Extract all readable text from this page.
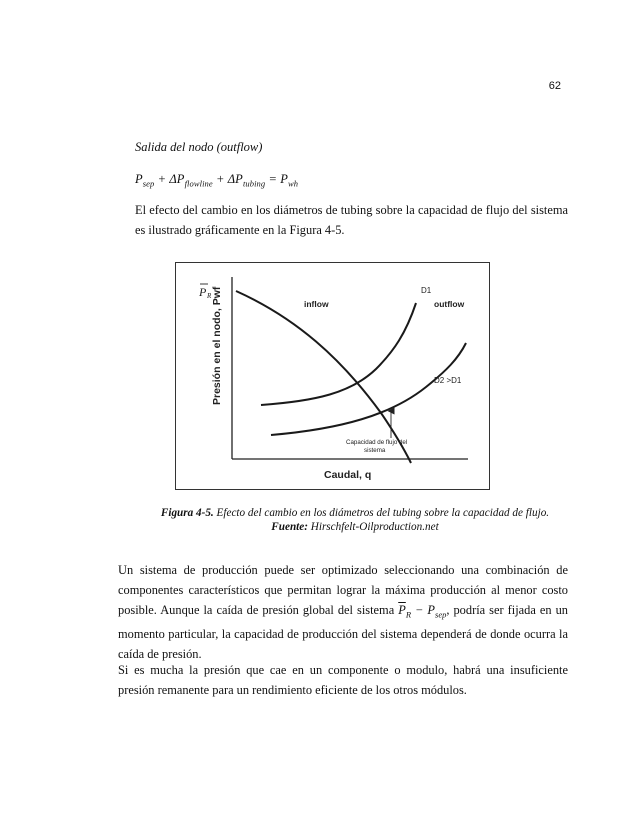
62
Salida del nodo (outflow)
$P_{sep} + \Delta P_{flowline} + \Delta P_{tubing} = P_{wh}$
El efecto del cambio en los diámetros de tubing sobre la capacidad de flujo del sistema es ilustrado gráficamente en la Figura 4-5.
P R Presión en el nodo, Pwf
Caudal, q
inflow	outflow
D1
D2 >D1
Capacidad de flujo del
sistema
Figura 4-5. Efecto del cambio en los diámetros del tubing sobre la capacidad de flujo.
Fuente: Hirschfelt-Oilproduction.net
Un sistema de producción puede ser optimizado seleccionando una combinación de componentes característicos que permitan lograr la máxima producción al menor costo posible. Aunque la caída de presión global del sistema $\overline{P}_R - P_{sep}$, podría ser fijada en un momento particular, la capacidad de producción del sistema dependerá de donde ocurra la caída de presión.
Si es mucha la presión que cae en un componente o modulo, habrá una insuficiente presión remanente para un rendimiento eficiente de los otros módulos.
